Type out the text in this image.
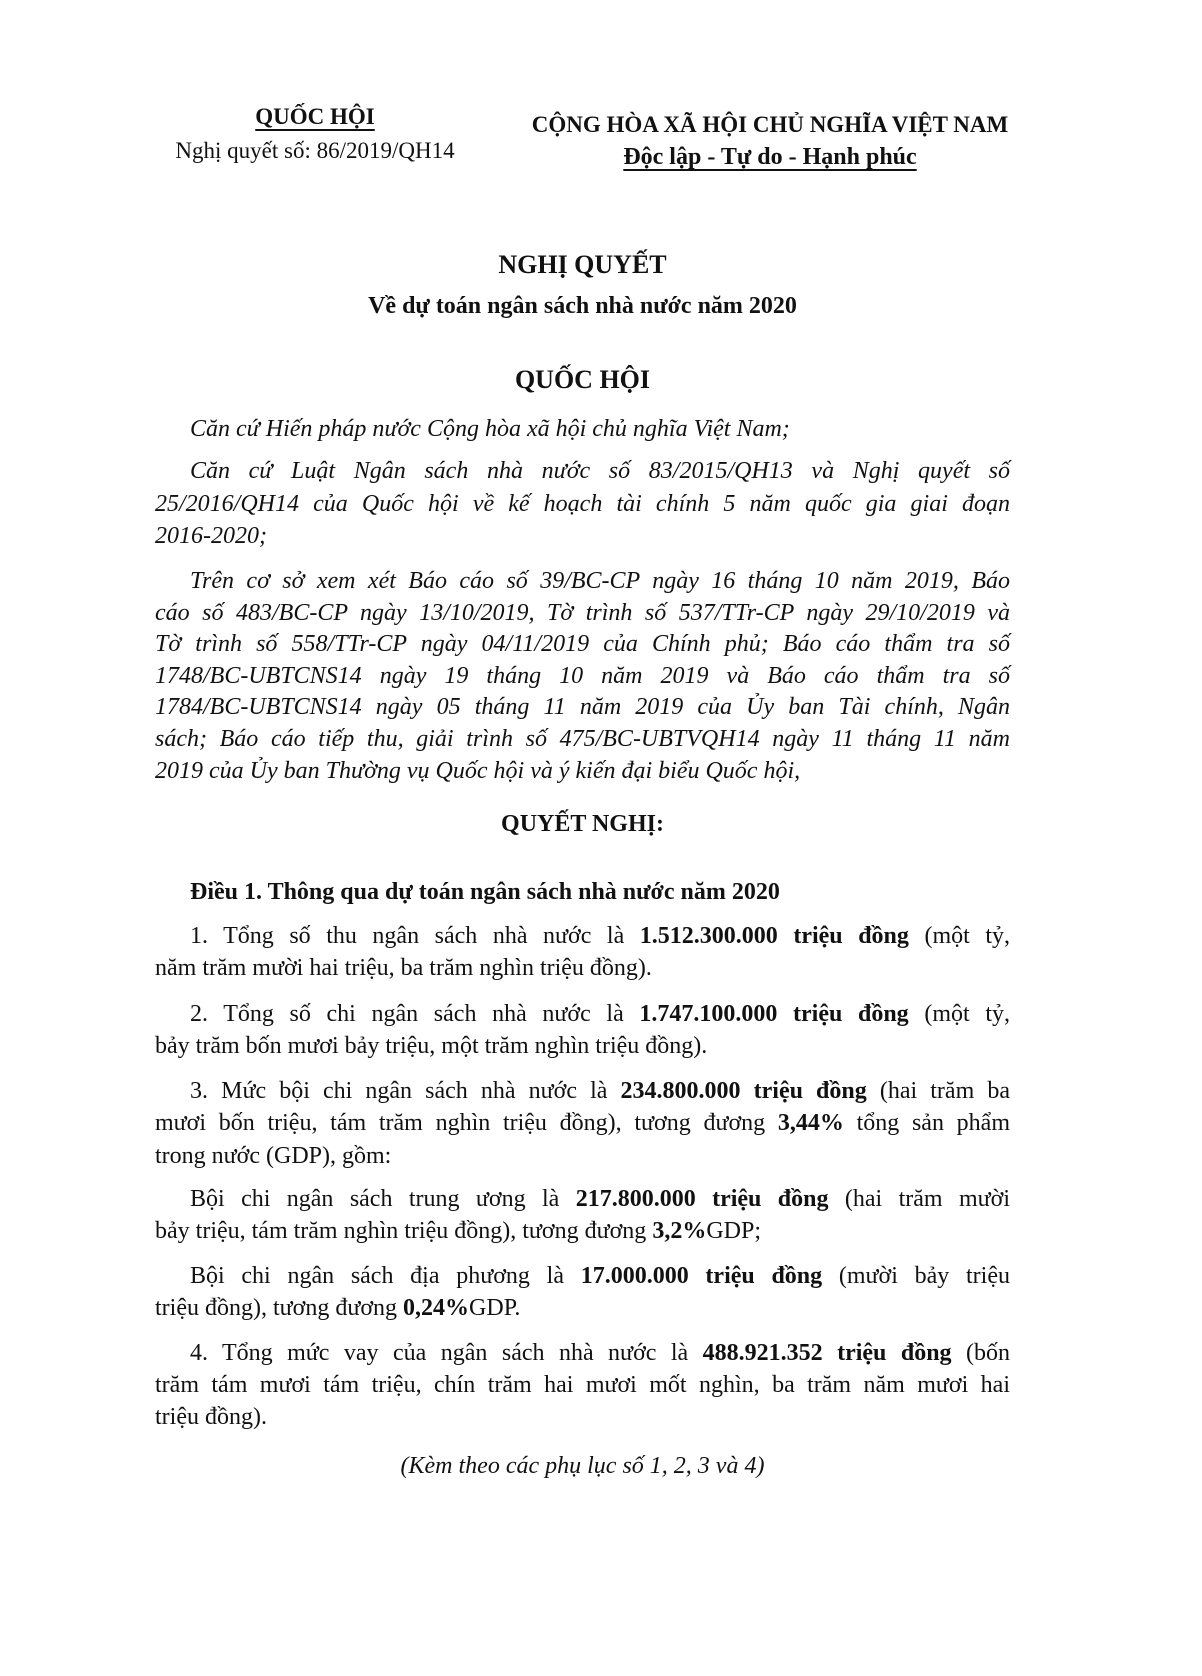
QUỐC HỘI
Nghị quyết số: 86/2019/QH14
CỘNG HÒA XÃ HỘI CHỦ NGHĨA VIỆT NAM
Độc lập - Tự do - Hạnh phúc
NGHỊ QUYẾT
Về dự toán ngân sách nhà nước năm 2020
QUỐC HỘI
Căn cứ Hiến pháp nước Cộng hòa xã hội chủ nghĩa Việt Nam;
Căn cứ Luật Ngân sách nhà nước số 83/2015/QH13 và Nghị quyết số
25/2016/QH14 của Quốc hội về kế hoạch tài chính 5 năm quốc gia giai đoạn
2016-2020;
Trên cơ sở xem xét Báo cáo số 39/BC-CP ngày 16 tháng 10 năm 2019, Báo
cáo số 483/BC-CP ngày 13/10/2019, Tờ trình số 537/TTr-CP ngày 29/10/2019 và
Tờ trình số 558/TTr-CP ngày 04/11/2019 của Chính phủ; Báo cáo thẩm tra số
1748/BC-UBTCNS14 ngày 19 tháng 10 năm 2019 và Báo cáo thẩm tra số
1784/BC-UBTCNS14 ngày 05 tháng 11 năm 2019 của Ủy ban Tài chính, Ngân
sách; Báo cáo tiếp thu, giải trình số 475/BC-UBTVQH14 ngày 11 tháng 11 năm
2019 của Ủy ban Thường vụ Quốc hội và ý kiến đại biểu Quốc hội,
QUYẾT NGHỊ:
Điều 1. Thông qua dự toán ngân sách nhà nước năm 2020
1. Tổng số thu ngân sách nhà nước là 1.512.300.000 triệu đồng (một tỷ,
năm trăm mười hai triệu, ba trăm nghìn triệu đồng).
2. Tổng số chi ngân sách nhà nước là 1.747.100.000 triệu đồng (một tỷ,
bảy trăm bốn mươi bảy triệu, một trăm nghìn triệu đồng).
3. Mức bội chi ngân sách nhà nước là 234.800.000 triệu đồng (hai trăm ba
mươi bốn triệu, tám trăm nghìn triệu đồng), tương đương 3,44% tổng sản phẩm
trong nước (GDP), gồm:
Bội chi ngân sách trung ương là 217.800.000 triệu đồng (hai trăm mười
bảy triệu, tám trăm nghìn triệu đồng), tương đương 3,2%GDP;
Bội chi ngân sách địa phương là 17.000.000 triệu đồng (mười bảy triệu
triệu đồng), tương đương 0,24%GDP.
4. Tổng mức vay của ngân sách nhà nước là 488.921.352 triệu đồng (bốn
trăm tám mươi tám triệu, chín trăm hai mươi mốt nghìn, ba trăm năm mươi hai
triệu đồng).
(Kèm theo các phụ lục số 1, 2, 3 và 4)
